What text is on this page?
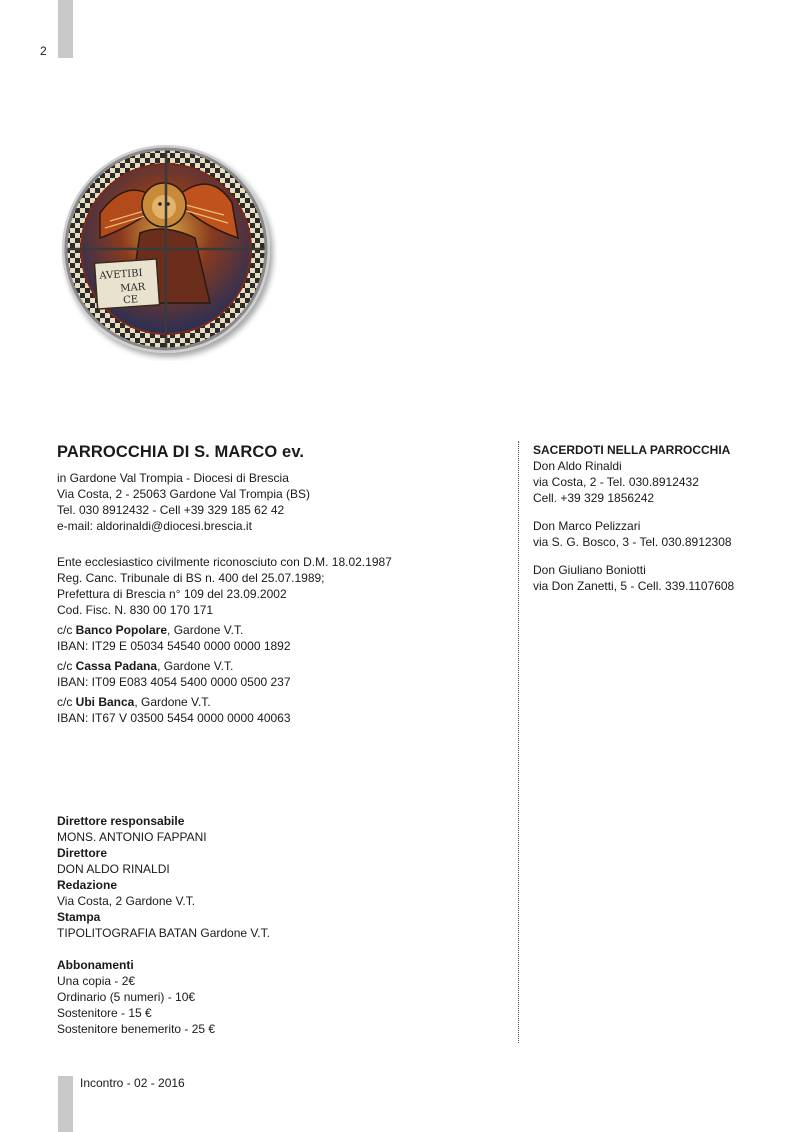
2
AVETIBI
MAR
CE

PARROCCHIA DI S. MARCO ev.

in Gardone Val Trompia - Diocesi di Brescia

Via Costa, 2 - 25063 Gardone Val Trompia (BS)

Tel. 030 8912432 - Cell +39 329 185 62 42

e-mail: aldorinaldi@diocesi.brescia.it

Ente ecclesiastico civilmente riconosciuto con D.M. 18.02.1987

Reg. Canc. Tribunale di BS n. 400 del 25.07.1989;

Prefettura di Brescia n° 109 del 23.09.2002

Cod. Fisc. N. 830 00 170 171

c/c Banco Popolare, Gardone V.T.

IBAN: IT29 E 05034 54540 0000 0000 1892

c/c Cassa Padana, Gardone V.T.

IBAN: IT09 E083 4054 5400 0000 0500 237

c/c Ubi Banca, Gardone V.T.

IBAN: IT67 V 03500 5454 0000 0000 40063

SACERDOTI NELLA PARROCCHIA

Don Aldo Rinaldi

via Costa, 2 - Tel. 030.8912432

Cell. +39 329 1856242

Don Marco Pelizzari

via S. G. Bosco, 3 - Tel. 030.8912308

Don Giuliano Boniotti

via Don Zanetti, 5 - Cell. 339.1107608

Direttore responsabile

MONS. ANTONIO FAPPANI

Direttore

DON ALDO RINALDI

Redazione

Via Costa, 2 Gardone V.T.

Stampa

TIPOLITOGRAFIA BATAN Gardone V.T.

Abbonamenti

Una copia - 2€

Ordinario (5 numeri) - 10€

Sostenitore - 15 €

Sostenitore benemerito - 25 €

Incontro - 02 - 2016
